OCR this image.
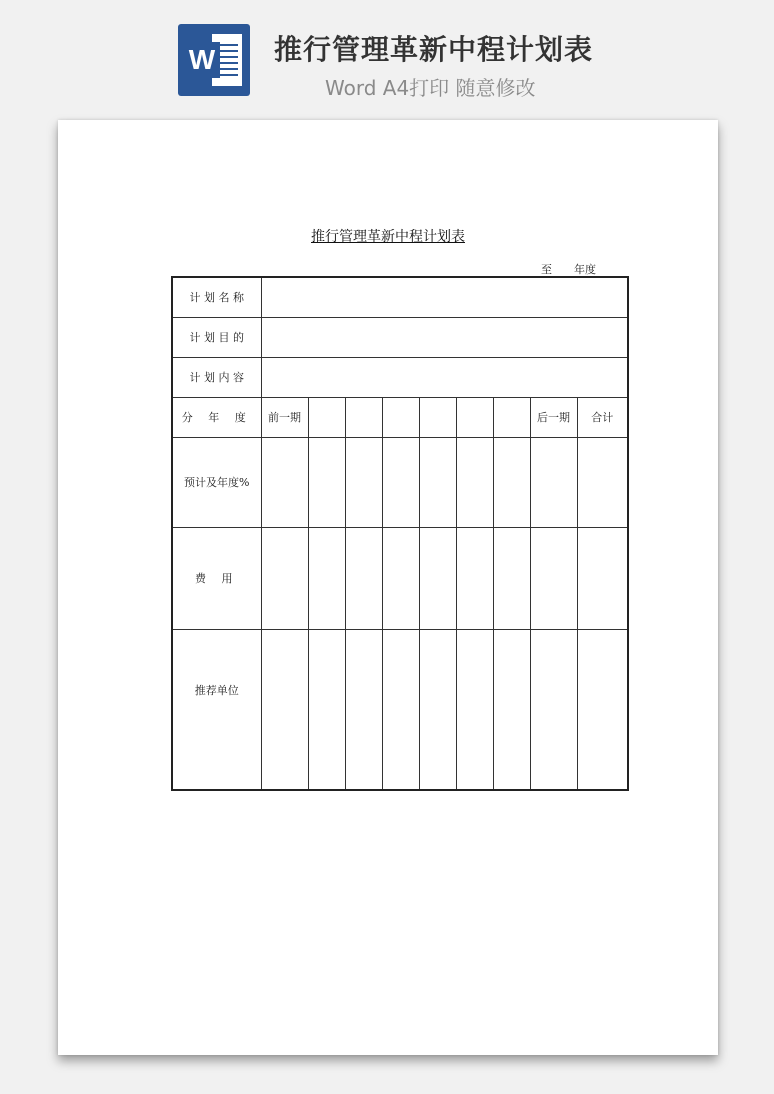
W 推行管理革新中程计划表
Word A4打印 随意修改
推行管理革新中程计划表
至 年度
计 划 名 称									
计 划 目 的									
计 划 内 容									
分 年 度	前一期							后一期	合计
预计及年度%									
费 用									
推荐单位									
